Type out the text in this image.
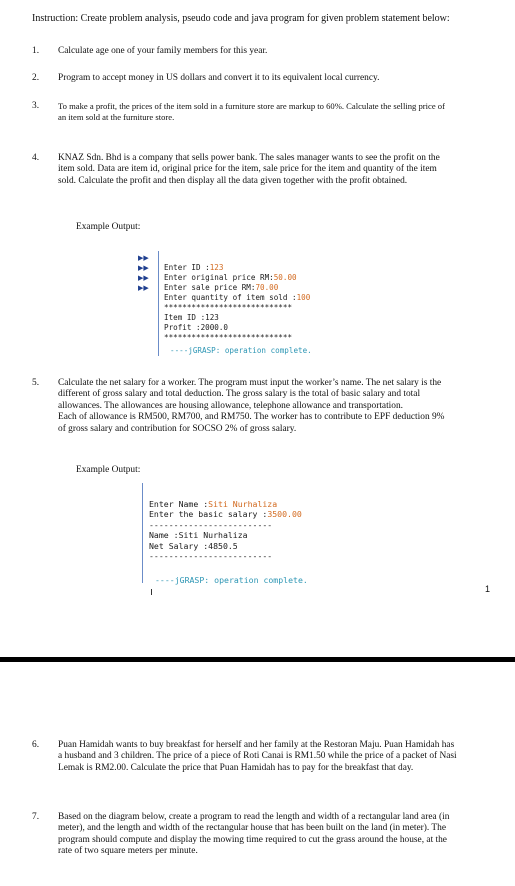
Instruction: Create problem analysis, pseudo code and java program for given problem statement below:
1. Calculate age one of your family members for this year.
2. Program to accept money in US dollars and convert it to its equivalent local currency.
3. To make a profit, the prices of the item sold in a furniture store are markup to 60%. Calculate the selling price of an item sold at the furniture store.
4. KNAZ Sdn. Bhd is a company that sells power bank. The sales manager wants to see the profit on the item sold. Data are item id, original price for the item, sale price for the item and quantity of the item sold. Calculate the profit and then display all the data given together with the profit obtained.
Example Output:
▶▶
▶▶
▶▶
▶▶

Enter ID :123
Enter original price RM:50.00
Enter sale price RM:70.00
Enter quantity of item sold :100
****************************
Item ID :123
Profit :2000.0
****************************
----jGRASP: operation complete.

5. Calculate the net salary for a worker. The program must input the worker’s name. The net salary is the different of gross salary and total deduction. The gross salary is the total of basic salary and total allowances. The allowances are housing allowance, telephone allowance and transportation.
Each of allowance is RM500, RM700, and RM750. The worker has to contribute to EPF deduction 9% of gross salary and contribution for SOCSO 2% of gross salary.
Example Output:

Enter Name :Siti Nurhaliza
Enter the basic salary :3500.00
-------------------------
Name :Siti Nurhaliza
Net Salary :4850.5
-------------------------
----jGRASP: operation complete.

1
6. Puan Hamidah wants to buy breakfast for herself and her family at the Restoran Maju. Puan Hamidah has a husband and 3 children. The price of a piece of Roti Canai is RM1.50 while the price of a packet of Nasi Lemak is RM2.00. Calculate the price that Puan Hamidah has to pay for the breakfast that day.
7. Based on the diagram below, create a program to read the length and width of a rectangular land area (in meter), and the length and width of the rectangular house that has been built on the land (in meter). The program should compute and display the mowing time required to cut the grass around the house, at the rate of two square meters per minute.
